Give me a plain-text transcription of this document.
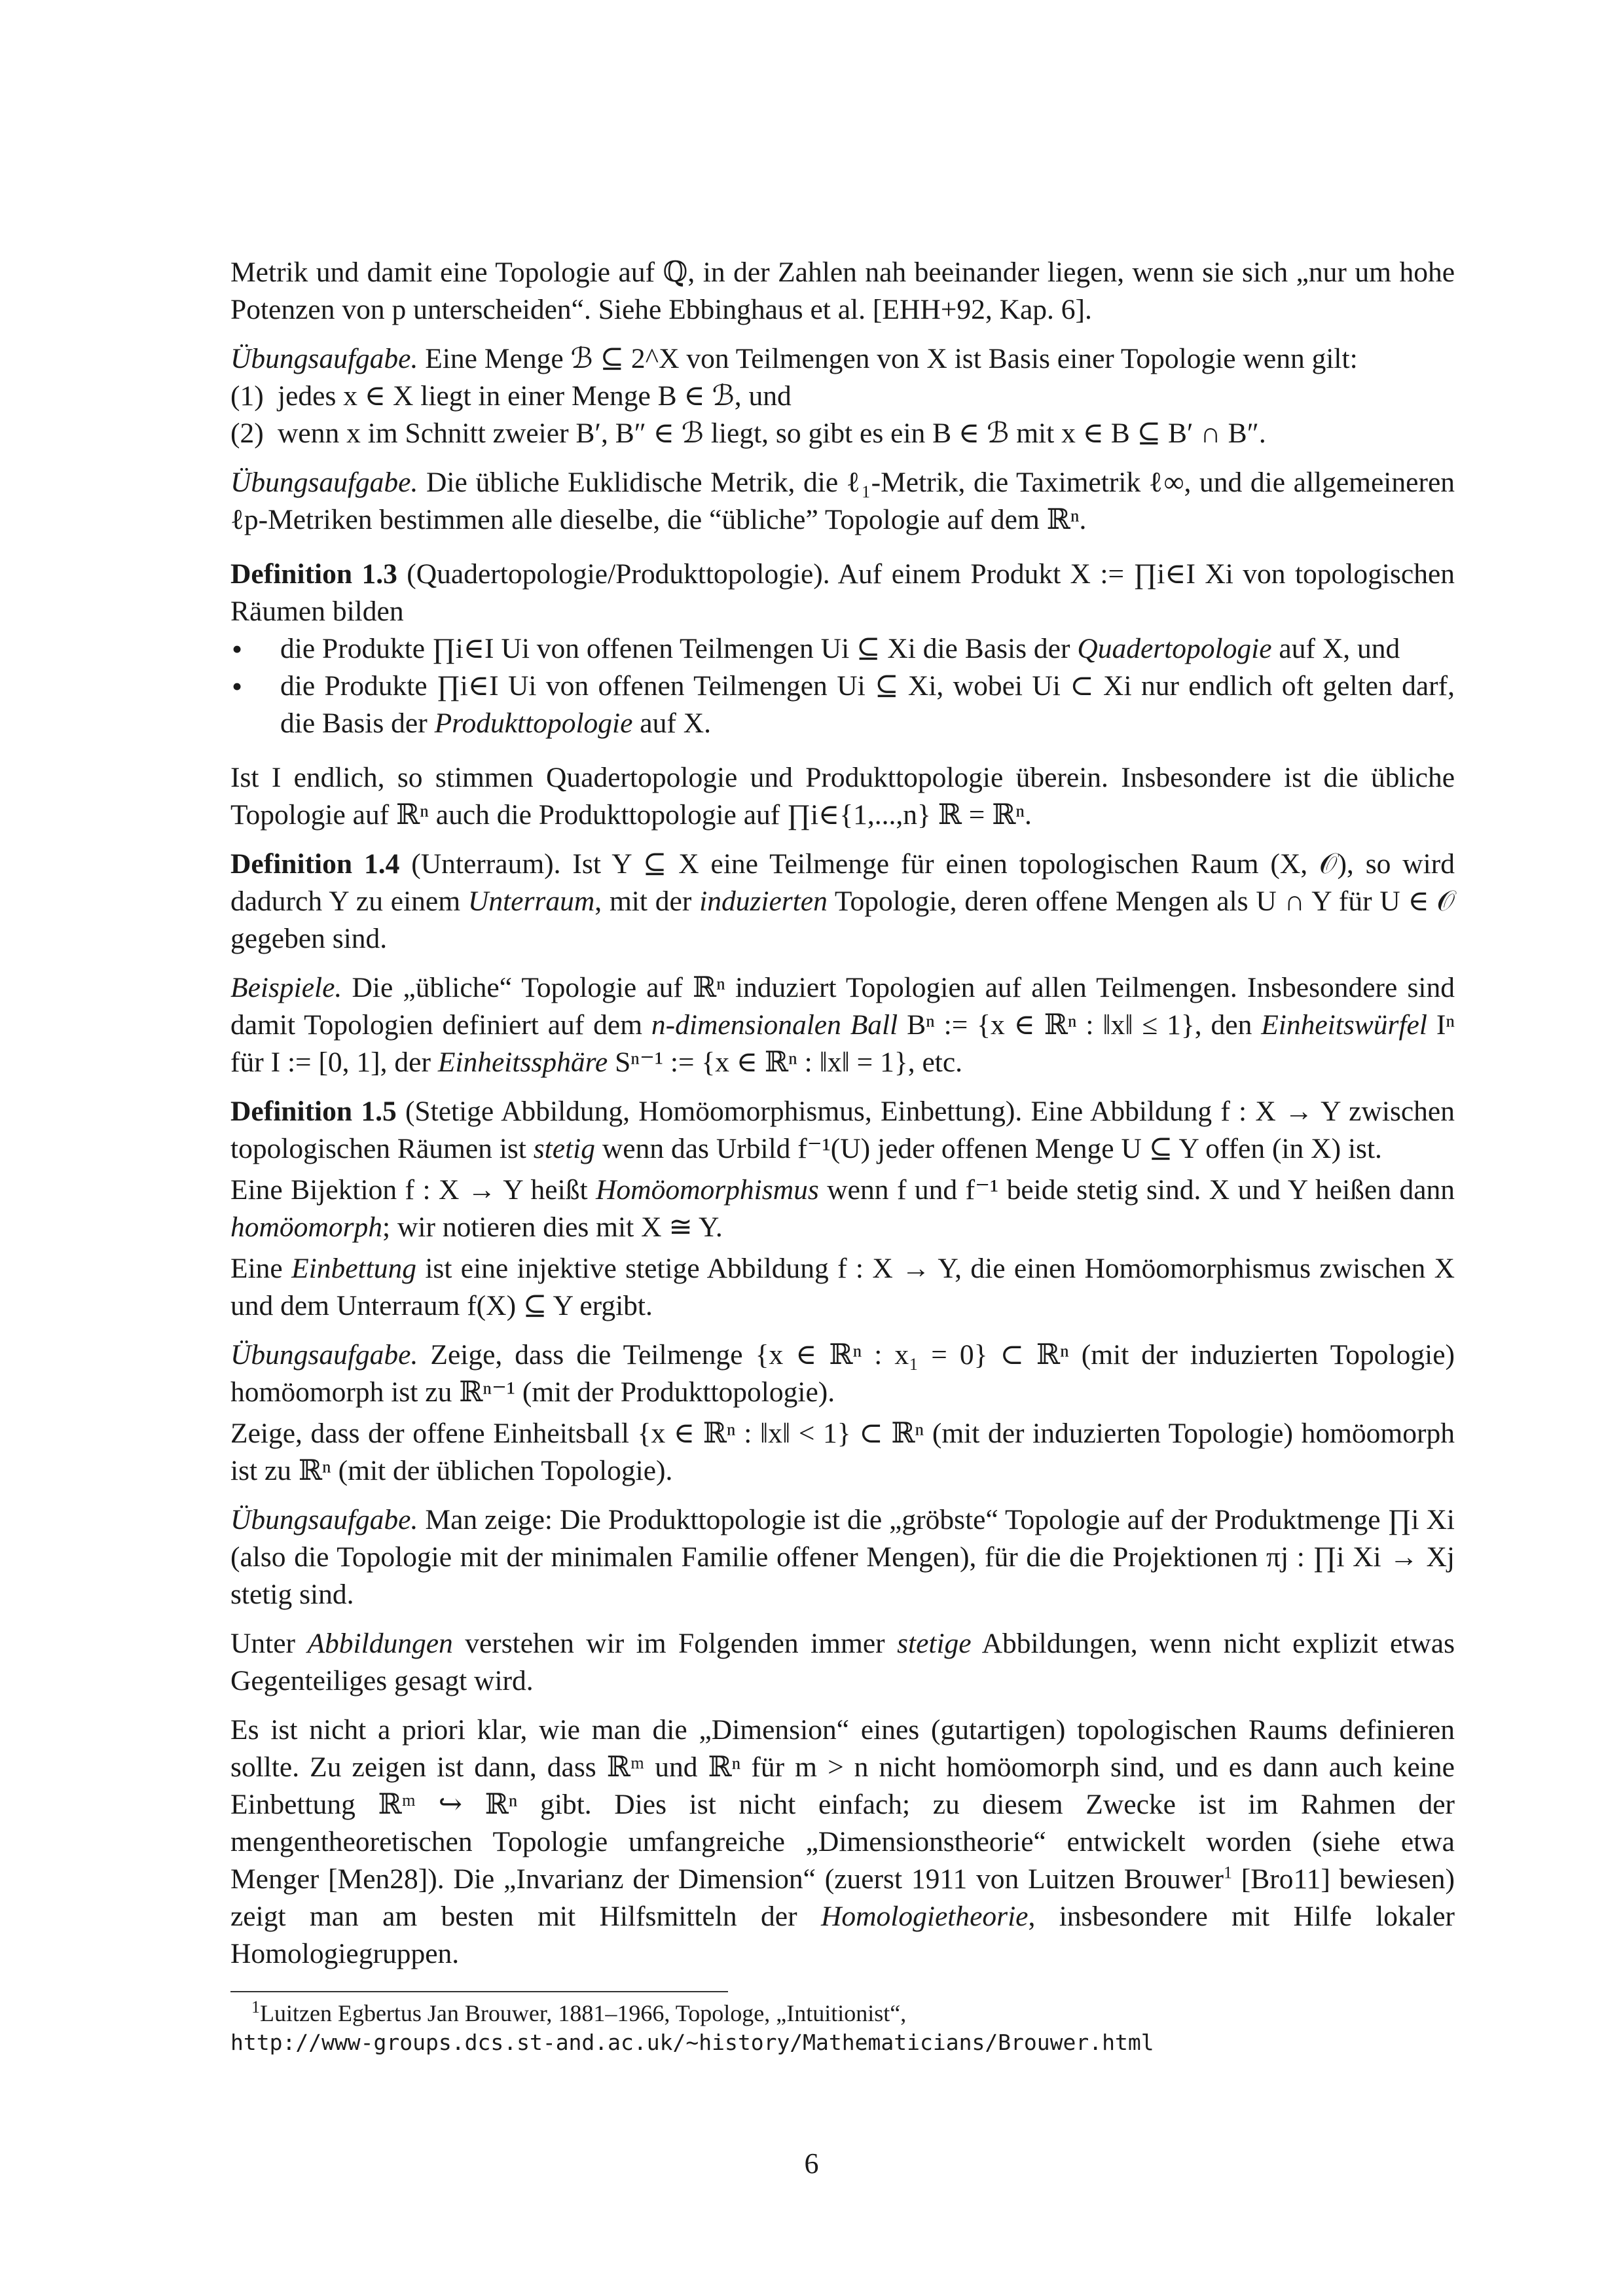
Metrik und damit eine Topologie auf ℚ, in der Zahlen nah beeinander liegen, wenn sie sich „nur um hohe Potenzen von p unterscheiden“. Siehe Ebbinghaus et al. [EHH+92, Kap. 6].

Übungsaufgabe. Eine Menge ℬ ⊆ 2^X von Teilmengen von X ist Basis einer Topologie wenn gilt:

(1) jedes x ∈ X liegt in einer Menge B ∈ ℬ, und

(2) wenn x im Schnitt zweier B′, B″ ∈ ℬ liegt, so gibt es ein B ∈ ℬ mit x ∈ B ⊆ B′ ∩ B″.

Übungsaufgabe. Die übliche Euklidische Metrik, die ℓ₁-Metrik, die Taximetrik ℓ∞, und die allgemeineren ℓp-Metriken bestimmen alle dieselbe, die “übliche” Topologie auf dem ℝⁿ.

Definition 1.3 (Quadertopologie/Produkttopologie). Auf einem Produkt X := ∏i∈I Xi von topologischen Räumen bilden

• die Produkte ∏i∈I Ui von offenen Teilmengen Ui ⊆ Xi die Basis der Quadertopologie auf X, und
• die Produkte ∏i∈I Ui von offenen Teilmengen Ui ⊆ Xi, wobei Ui ⊂ Xi nur endlich oft gelten darf, die Basis der Produkttopologie auf X.

Ist I endlich, so stimmen Quadertopologie und Produkttopologie überein. Insbesondere ist die übliche Topologie auf ℝⁿ auch die Produkttopologie auf ∏i∈{1,...,n} ℝ = ℝⁿ.

Definition 1.4 (Unterraum). Ist Y ⊆ X eine Teilmenge für einen topologischen Raum (X, 𝒪), so wird dadurch Y zu einem Unterraum, mit der induzierten Topologie, deren offene Mengen als U ∩ Y für U ∈ 𝒪 gegeben sind.

Beispiele. Die „übliche“ Topologie auf ℝⁿ induziert Topologien auf allen Teilmengen. Insbesondere sind damit Topologien definiert auf dem n-dimensionalen Ball Bⁿ := {x ∈ ℝⁿ : ‖x‖ ≤ 1}, den Einheitswürfel Iⁿ für I := [0, 1], der Einheitssphäre Sⁿ⁻¹ := {x ∈ ℝⁿ : ‖x‖ = 1}, etc.

Definition 1.5 (Stetige Abbildung, Homöomorphismus, Einbettung). Eine Abbildung f : X → Y zwischen topologischen Räumen ist stetig wenn das Urbild f⁻¹(U) jeder offenen Menge U ⊆ Y offen (in X) ist.

Eine Bijektion f : X → Y heißt Homöomorphismus wenn f und f⁻¹ beide stetig sind. X und Y heißen dann homöomorph; wir notieren dies mit X ≅ Y.

Eine Einbettung ist eine injektive stetige Abbildung f : X → Y, die einen Homöomorphismus zwischen X und dem Unterraum f(X) ⊆ Y ergibt.

Übungsaufgabe. Zeige, dass die Teilmenge {x ∈ ℝⁿ : x₁ = 0} ⊂ ℝⁿ (mit der induzierten Topologie) homöomorph ist zu ℝⁿ⁻¹ (mit der Produkttopologie).

Zeige, dass der offene Einheitsball {x ∈ ℝⁿ : ‖x‖ < 1} ⊂ ℝⁿ (mit der induzierten Topologie) homöomorph ist zu ℝⁿ (mit der üblichen Topologie).

Übungsaufgabe. Man zeige: Die Produkttopologie ist die „gröbste“ Topologie auf der Produktmenge ∏i Xi (also die Topologie mit der minimalen Familie offener Mengen), für die die Projektionen πj : ∏i Xi → Xj stetig sind.

Unter Abbildungen verstehen wir im Folgenden immer stetige Abbildungen, wenn nicht explizit etwas Gegenteiliges gesagt wird.

Es ist nicht a priori klar, wie man die „Dimension“ eines (gutartigen) topologischen Raums definieren sollte. Zu zeigen ist dann, dass ℝᵐ und ℝⁿ für m > n nicht homöomorph sind, und es dann auch keine Einbettung ℝᵐ ↪ ℝⁿ gibt. Dies ist nicht einfach; zu diesem Zwecke ist im Rahmen der mengentheoretischen Topologie umfangreiche „Dimensionstheorie“ entwickelt worden (siehe etwa Menger [Men28]). Die „Invarianz der Dimension“ (zuerst 1911 von Luitzen Brouwer$^1$ [Bro11] bewiesen) zeigt man am besten mit Hilfsmitteln der Homologietheorie, insbesondere mit Hilfe lokaler Homologiegruppen.

$^1$Luitzen Egbertus Jan Brouwer, 1881–1966, Topologe, „Intuitionist“,
http://www-groups.dcs.st-and.ac.uk/~history/Mathematicians/Brouwer.html
6
